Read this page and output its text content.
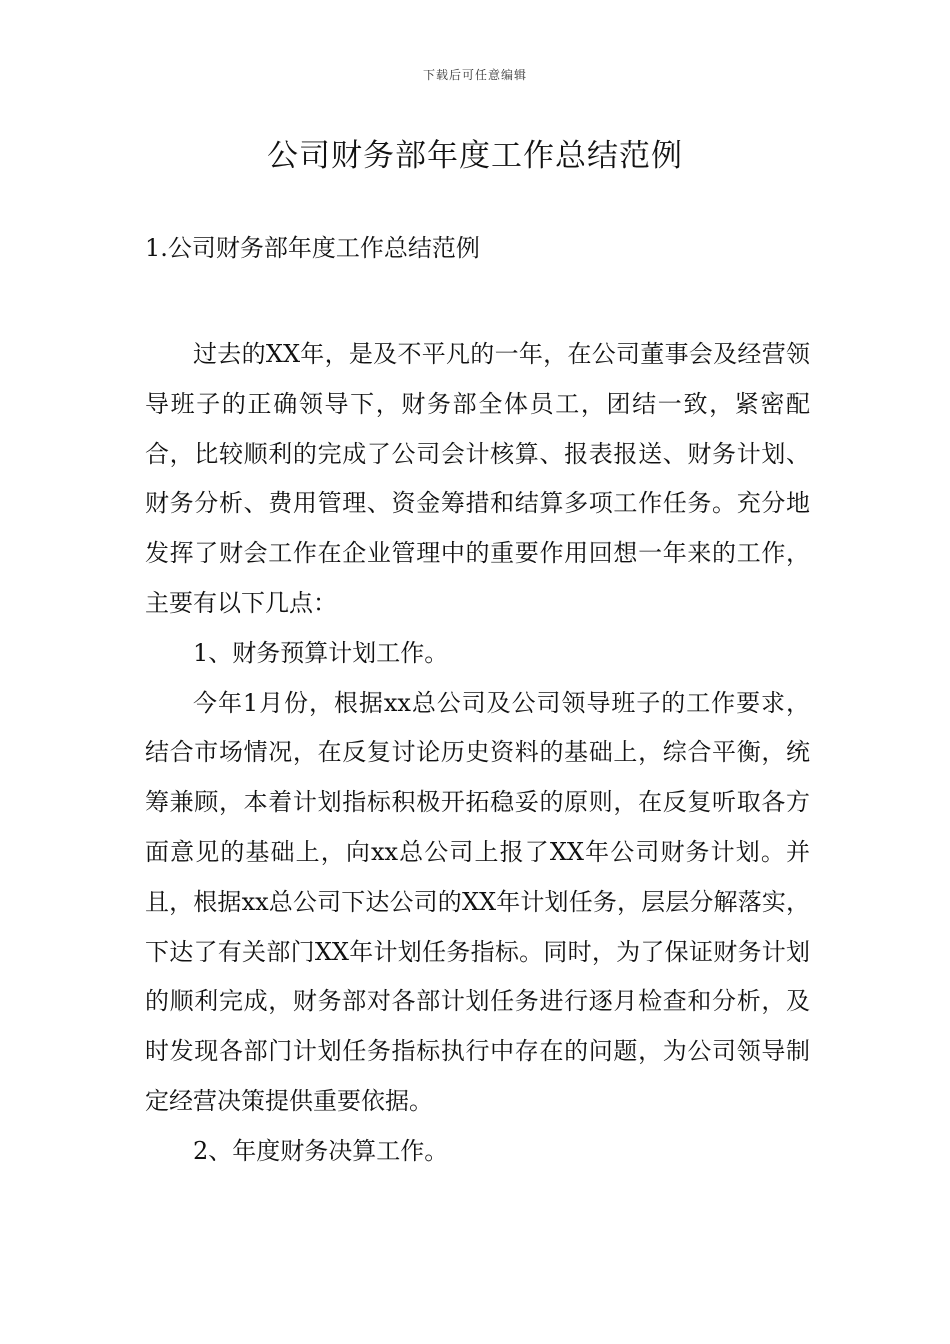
下载后可任意编辑
公司财务部年度工作总结范例
1.公司财务部年度工作总结范例

过去的XX年，是及不平凡的一年，在公司董事会及经营领导班子的正确领导下，财务部全体员工，团结一致，紧密配合，比较顺利的完成了公司会计核算、报表报送、财务计划、财务分析、费用管理、资金筹措和结算多项工作任务。充分地发挥了财会工作在企业管理中的重要作用回想一年来的工作，主要有以下几点：

1、财务预算计划工作。

今年1月份，根据xx总公司及公司领导班子的工作要求，结合市场情况，在反复讨论历史资料的基础上，综合平衡，统筹兼顾，本着计划指标积极开拓稳妥的原则，在反复听取各方面意见的基础上，向xx总公司上报了XX年公司财务计划。并且，根据xx总公司下达公司的XX年计划任务，层层分解落实，下达了有关部门XX年计划任务指标。同时，为了保证财务计划的顺利完成，财务部对各部计划任务进行逐月检查和分析，及时发现各部门计划任务指标执行中存在的问题，为公司领导制定经营决策提供重要依据。

2、年度财务决算工作。
